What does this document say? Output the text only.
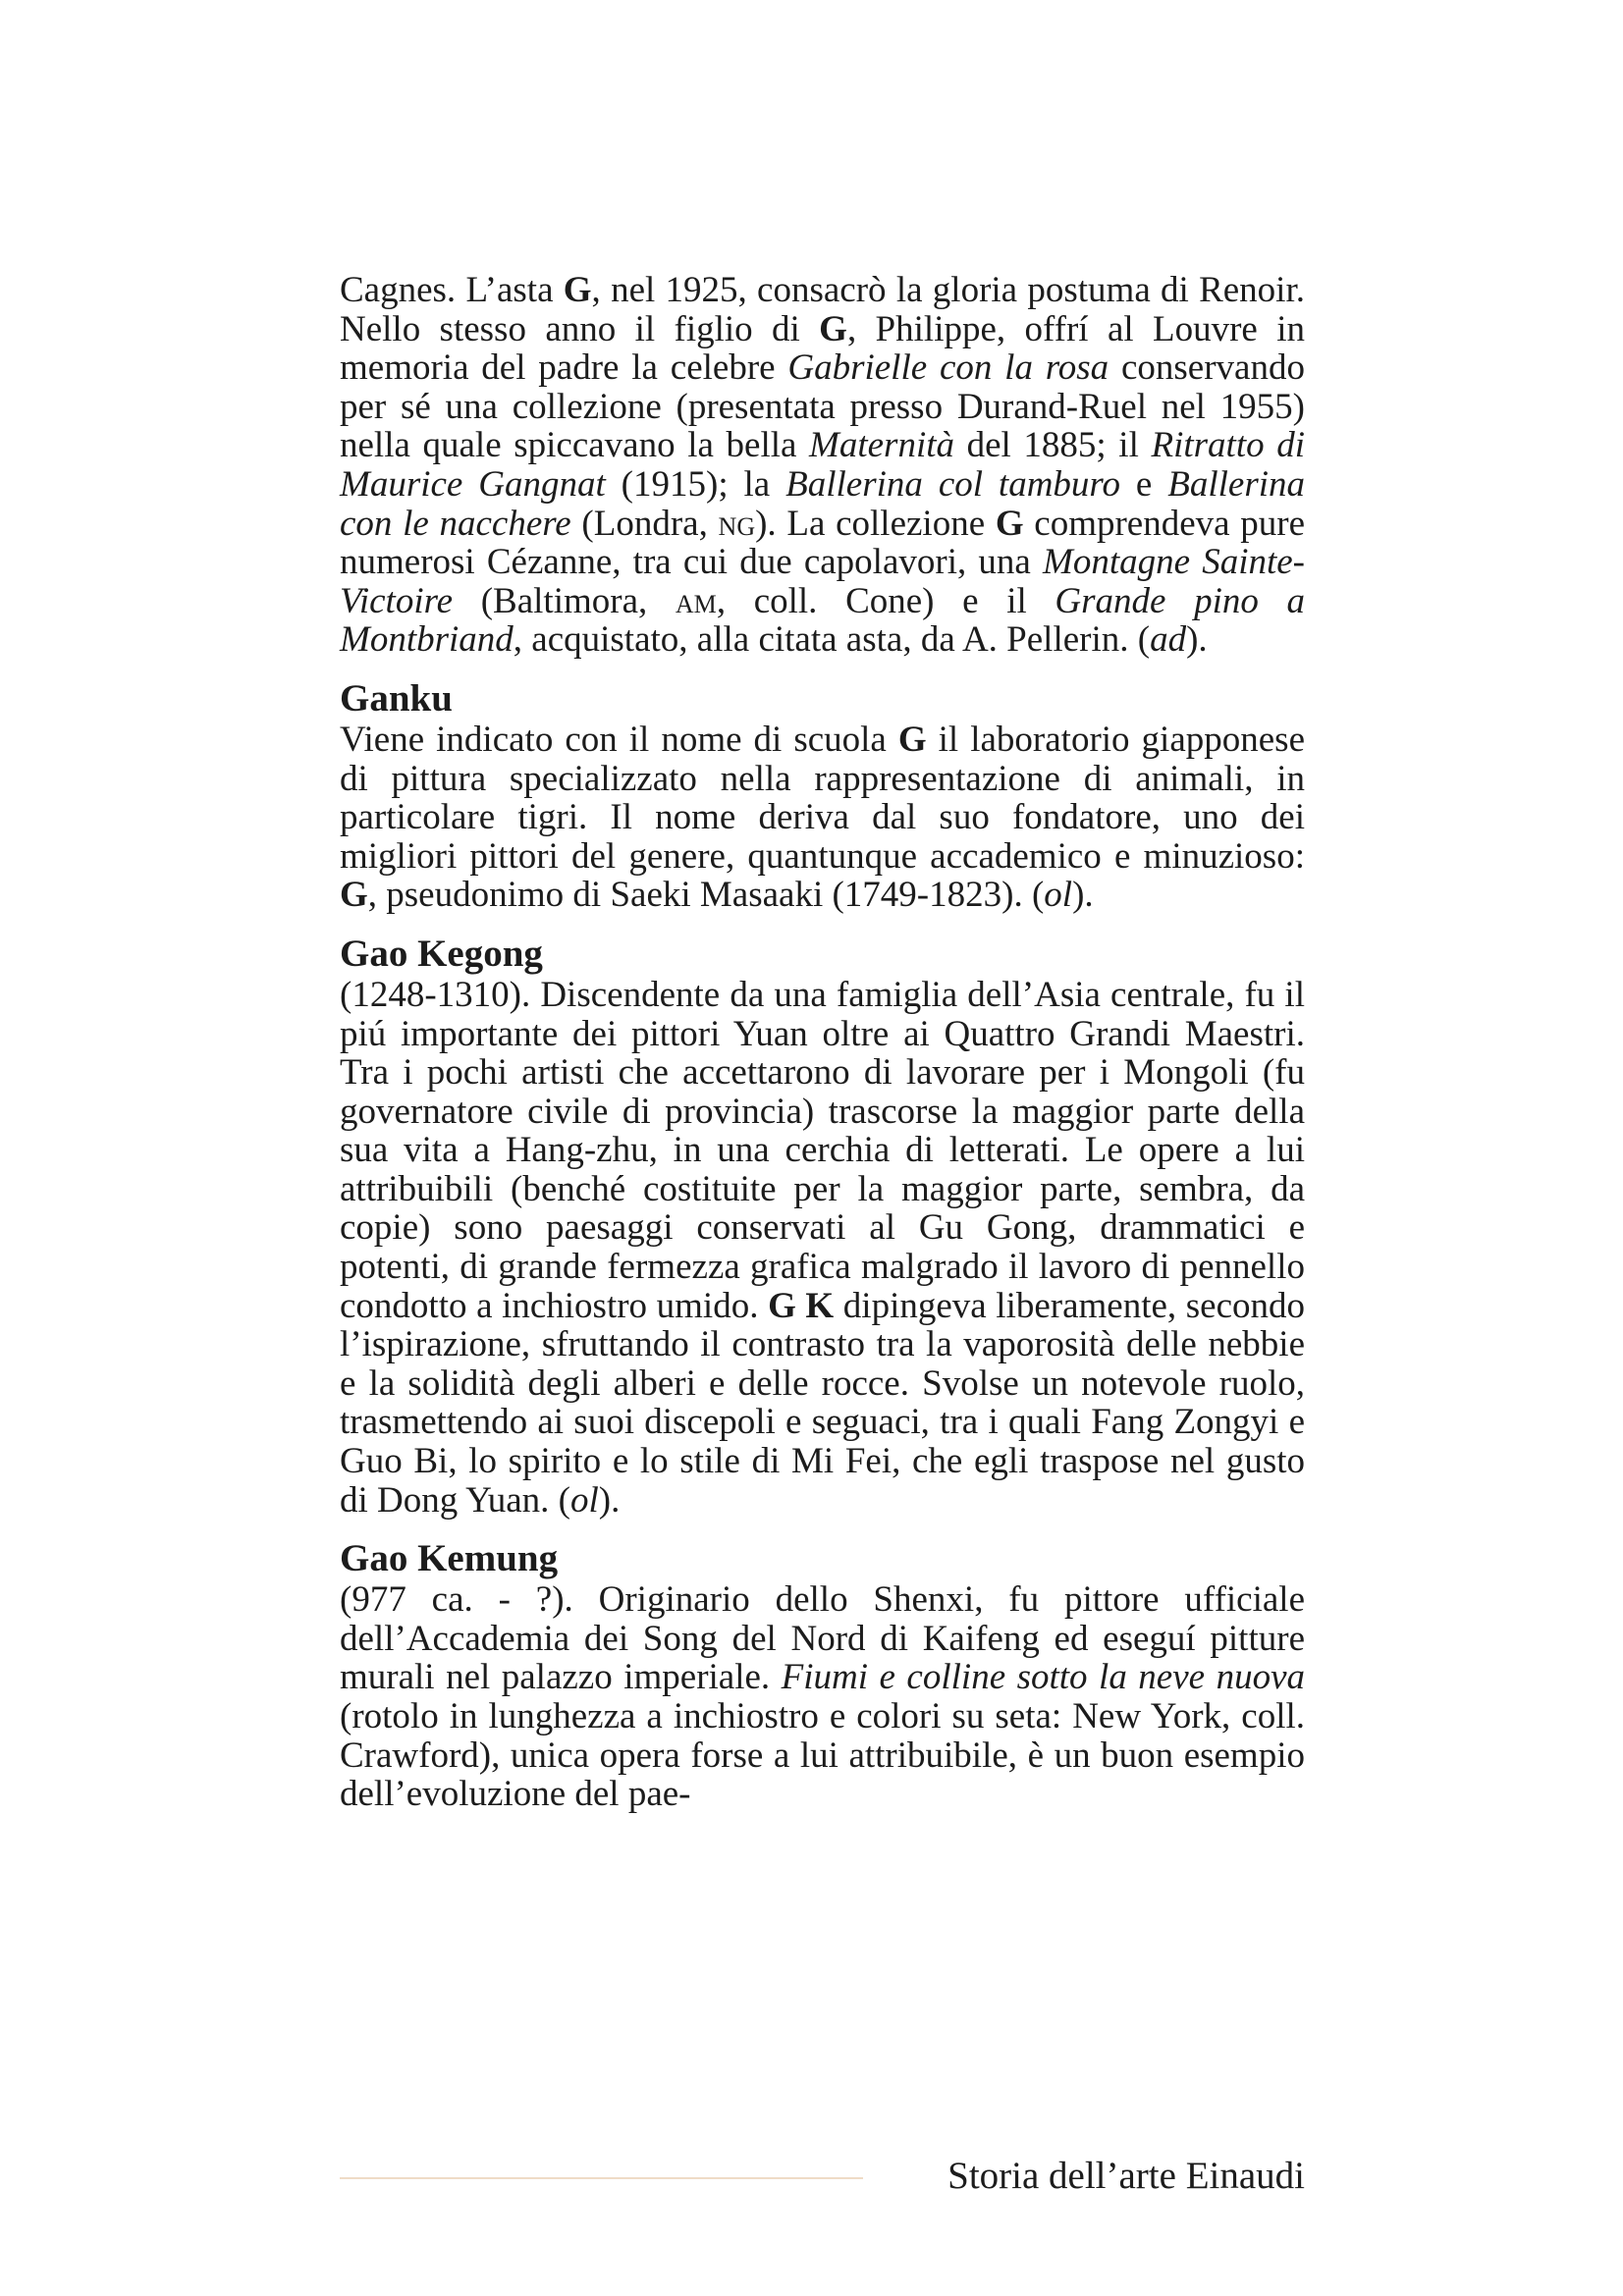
Cagnes. L’asta G, nel 1925, consacrò la gloria postuma di Renoir. Nello stesso anno il figlio di G, Philippe, offrí al Louvre in memoria del padre la celebre Gabrielle con la rosa conservando per sé una collezione (presentata presso Durand-Ruel nel 1955) nella quale spiccavano la bella Maternità del 1885; il Ritratto di Maurice Gangnat (1915); la Ballerina col tamburo e Ballerina con le nacchere (Londra, ng). La collezione G comprendeva pure numerosi Cézanne, tra cui due capolavori, una Montagne Sainte-Victoire (Baltimora, am, coll. Cone) e il Grande pino a Montbriand, acquistato, alla citata asta, da A. Pellerin. (ad).

Ganku

Viene indicato con il nome di scuola G il laboratorio giapponese di pittura specializzato nella rappresentazione di animali, in particolare tigri. Il nome deriva dal suo fondatore, uno dei migliori pittori del genere, quantunque accademico e minuzioso: G, pseudonimo di Saeki Masaaki (1749-1823). (ol).

Gao Kegong

(1248-1310). Discendente da una famiglia dell’Asia centrale, fu il piú importante dei pittori Yuan oltre ai Quattro Grandi Maestri. Tra i pochi artisti che accettarono di lavorare per i Mongoli (fu governatore civile di provincia) trascorse la maggior parte della sua vita a Hang-zhu, in una cerchia di letterati. Le opere a lui attribuibili (benché costituite per la maggior parte, sembra, da copie) sono paesaggi conservati al Gu Gong, drammatici e potenti, di grande fermezza grafica malgrado il lavoro di pennello condotto a inchiostro umido. G K dipingeva liberamente, secondo l’ispirazione, sfruttando il contrasto tra la vaporosità delle nebbie e la solidità degli alberi e delle rocce. Svolse un notevole ruolo, trasmettendo ai suoi discepoli e seguaci, tra i quali Fang Zongyi e Guo Bi, lo spirito e lo stile di Mi Fei, che egli traspose nel gusto di Dong Yuan. (ol).

Gao Kemung

(977 ca. - ?). Originario dello Shenxi, fu pittore ufficiale dell’Accademia dei Song del Nord di Kaifeng ed eseguí pitture murali nel palazzo imperiale. Fiumi e colline sotto la neve nuova (rotolo in lunghezza a inchiostro e colori su seta: New York, coll. Crawford), unica opera forse a lui attribuibile, è un buon esempio dell’evoluzione del pae-

Storia dell’arte Einaudi
